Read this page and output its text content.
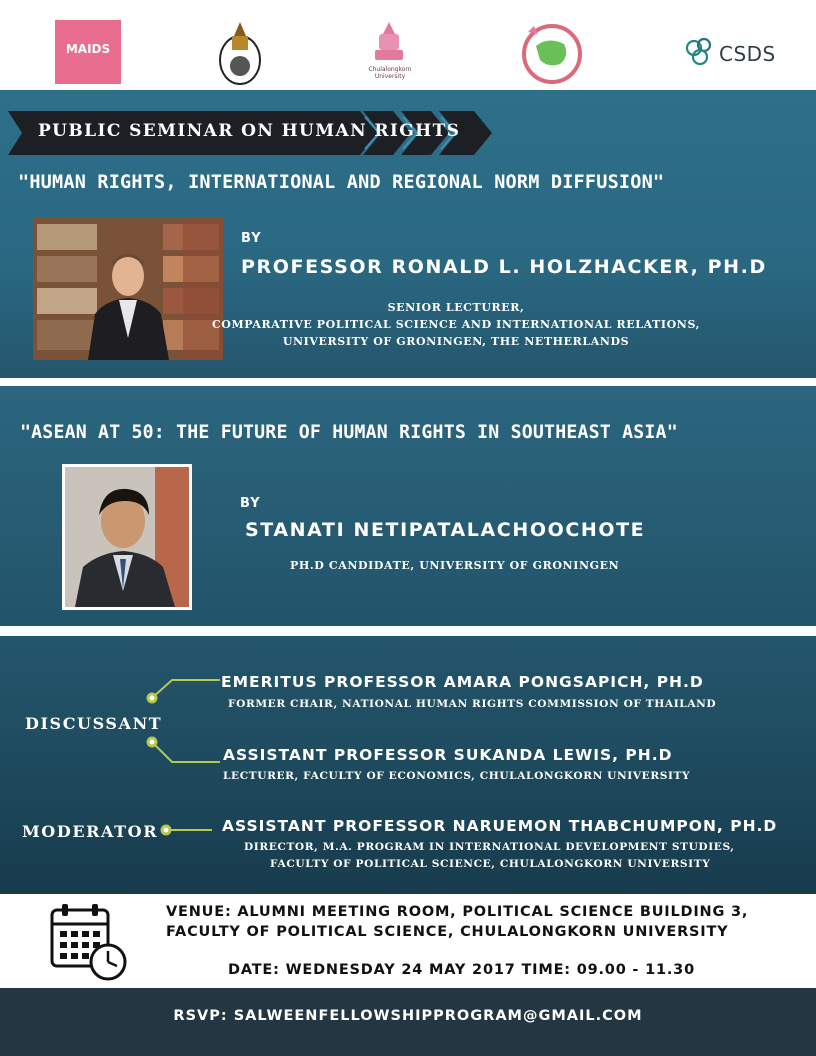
MAIDS
Chulalongkorn University
CSDS
PUBLIC SEMINAR ON HUMAN RIGHTS
"HUMAN RIGHTS, INTERNATIONAL AND REGIONAL NORM DIFFUSION"
BY
PROFESSOR RONALD L. HOLZHACKER, PH.D
SENIOR LECTURER,
COMPARATIVE POLITICAL SCIENCE AND INTERNATIONAL RELATIONS,
UNIVERSITY OF GRONINGEN, THE NETHERLANDS
"ASEAN AT 50: THE FUTURE OF HUMAN RIGHTS IN SOUTHEAST ASIA"
BY
STANATI NETIPATALACHOOCHOTE
PH.D CANDIDATE, UNIVERSITY OF GRONINGEN
DISCUSSANT
MODERATOR
EMERITUS PROFESSOR AMARA PONGSAPICH, PH.D
FORMER CHAIR, NATIONAL HUMAN RIGHTS COMMISSION OF THAILAND
ASSISTANT PROFESSOR SUKANDA LEWIS, PH.D
LECTURER, FACULTY OF ECONOMICS, CHULALONGKORN UNIVERSITY
ASSISTANT PROFESSOR NARUEMON THABCHUMPON, PH.D
DIRECTOR, M.A. PROGRAM IN INTERNATIONAL DEVELOPMENT STUDIES,
FACULTY OF POLITICAL SCIENCE, CHULALONGKORN UNIVERSITY
VENUE: ALUMNI MEETING ROOM, POLITICAL SCIENCE BUILDING 3,
FACULTY OF POLITICAL SCIENCE, CHULALONGKORN UNIVERSITY
DATE: WEDNESDAY 24 MAY 2017 TIME: 09.00 - 11.30
RSVP: SALWEENFELLOWSHIPPROGRAM@GMAIL.COM
